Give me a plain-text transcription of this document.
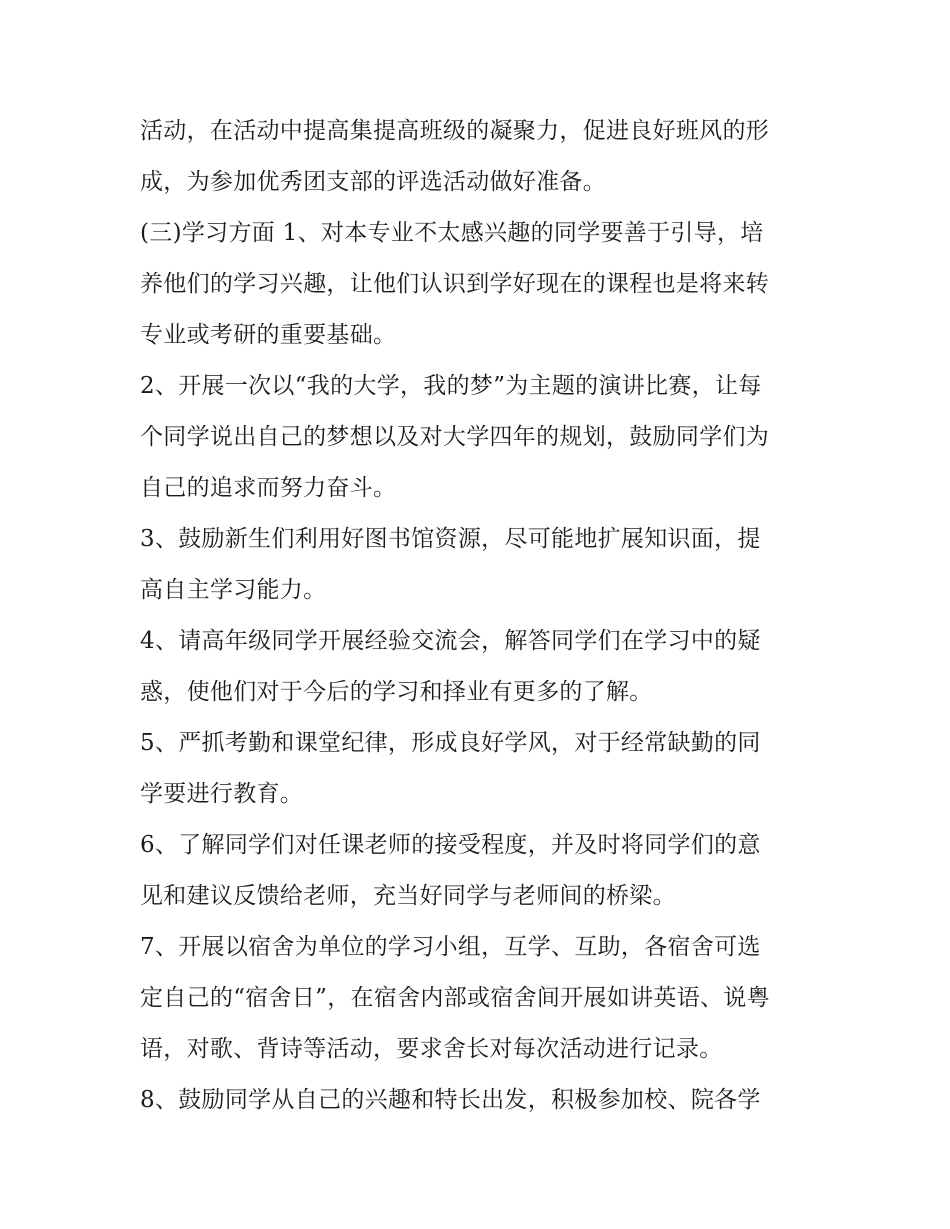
活动，在活动中提高集提高班级的凝聚力，促进良好班风的形
成，为参加优秀团支部的评选活动做好准备。
(三)学习方面 1、对本专业不太感兴趣的同学要善于引导，培
养他们的学习兴趣，让他们认识到学好现在的课程也是将来转
专业或考研的重要基础。
2、开展一次以“我的大学，我的梦”为主题的演讲比赛，让每
个同学说出自己的梦想以及对大学四年的规划，鼓励同学们为
自己的追求而努力奋斗。
3、鼓励新生们利用好图书馆资源，尽可能地扩展知识面，提
高自主学习能力。
4、请高年级同学开展经验交流会，解答同学们在学习中的疑
惑，使他们对于今后的学习和择业有更多的了解。
5、严抓考勤和课堂纪律，形成良好学风，对于经常缺勤的同
学要进行教育。
6、了解同学们对任课老师的接受程度，并及时将同学们的意
见和建议反馈给老师，充当好同学与老师间的桥梁。
7、开展以宿舍为单位的学习小组，互学、互助，各宿舍可选
定自己的“宿舍日”，在宿舍内部或宿舍间开展如讲英语、说粤
语，对歌、背诗等活动，要求舍长对每次活动进行记录。
8、鼓励同学从自己的兴趣和特长出发，积极参加校、院各学
